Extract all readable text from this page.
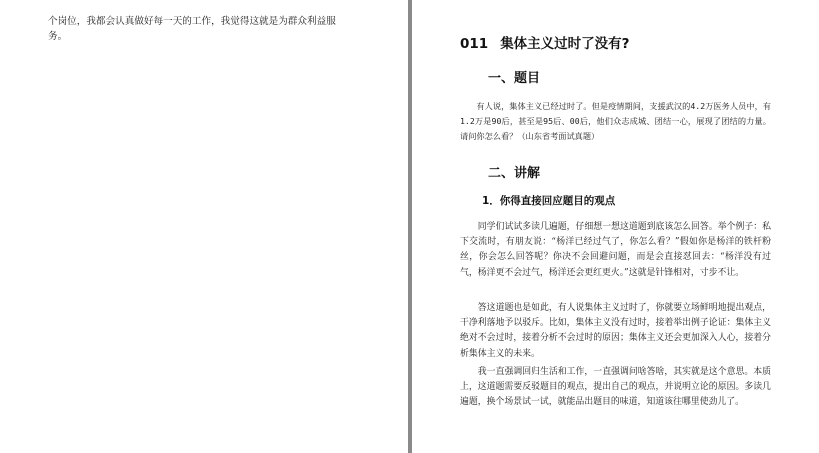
个岗位，我都会认真做好每一天的工作，我觉得这就是为群众利益服务。	011 集体主义过时了没有?
一、题目

有人说，集体主义已经过时了。但是疫情期间，支援武汉的4.2万医务人员中，有1.2万是90后，甚至是95后、00后，他们众志成城、团结一心，展现了团结的力量。请问你怎么看？（山东省考面试真题）

二、讲解
1．你得直接回应题目的观点

同学们试试多读几遍题，仔细想一想这道题到底该怎么回答。举个例子：私下交流时，有朋友说：“杨洋已经过气了，你怎么看？”假如你是杨洋的铁杆粉丝，你会怎么回答呢？你决不会回避问题，而是会直接怼回去：“杨洋没有过气，杨洋更不会过气，杨洋还会更红更火。”这就是针锋相对，寸步不让。

答这道题也是如此，有人说集体主义过时了，你就要立场鲜明地提出观点，干净利落地予以驳斥。比如，集体主义没有过时，接着举出例子论证：集体主义绝对不会过时，接着分析不会过时的原因；集体主义还会更加深入人心，接着分析集体主义的未来。

我一直强调回归生活和工作，一直强调问啥答啥，其实就是这个意思。本质上，这道题需要反驳题目的观点，提出自己的观点，并说明立论的原因。多读几遍题，换个场景试一试，就能品出题目的味道，知道该往哪里使劲儿了。
